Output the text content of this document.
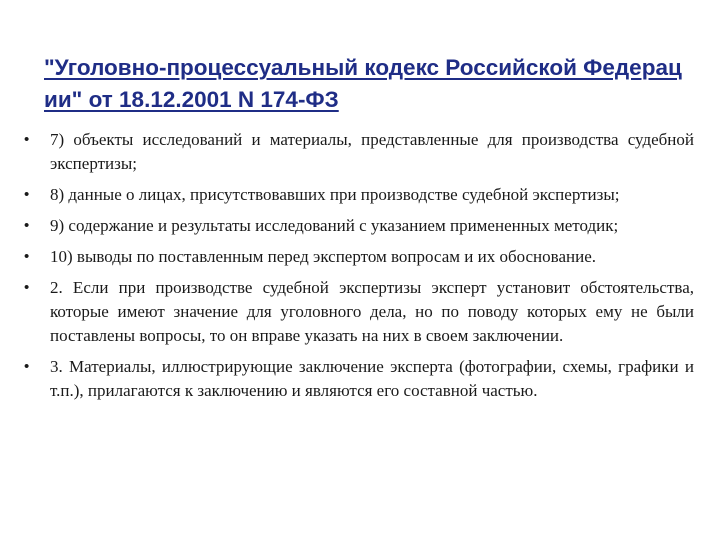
"Уголовно-процессуальный кодекс Российской Федерации" от 18.12.2001 N 174-ФЗ
•	7) объекты исследований и материалы, представленные для производства судебной экспертизы;
•	8) данные о лицах, присутствовавших при производстве судебной экспертизы;
•	9) содержание и результаты исследований с указанием примененных методик;
•	10) выводы по поставленным перед экспертом вопросам и их обоснование.
•	2. Если при производстве судебной экспертизы эксперт установит обстоятельства, которые имеют значение для уголовного дела, но по поводу которых ему не были поставлены вопросы, то он вправе указать на них в своем заключении.
•	3. Материалы, иллюстрирующие заключение эксперта (фотографии, схемы, графики и т.п.), прилагаются к заключению и являются его составной частью.
